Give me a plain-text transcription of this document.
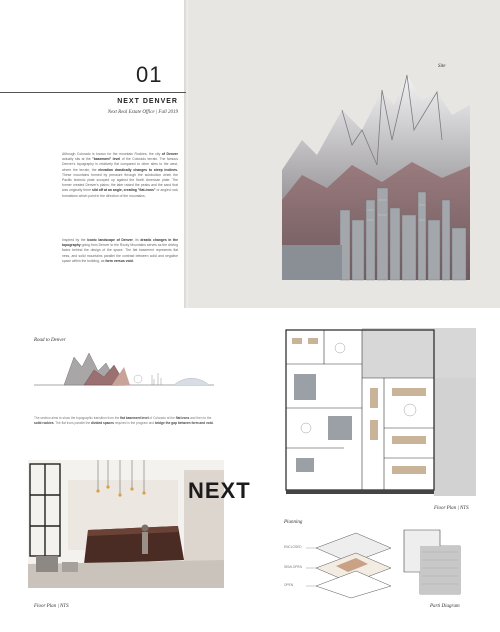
01
NEXT DENVER
Next Real Estate Office | Fall 2019
Although Colorado is known for the mountain Rockies, the city of Denver actually sits at the "basement" level of the Colorado terrain. The famous Denver's topography is relatively flat compared to other sites to the west, where the terrain, the elevation drastically changes to steep inclines. These mountains formed by pressure through the subduction when the Pacific tectonic plate scooped up against the North American plate. The former created Denver's plains; the later raised the peaks and the sand that was originally there slid off at an angle, creating "flat-irons" or angled rock formations which point in the direction of the mountains.
Inspired by the iconic landscape of Denver, its drastic changes in the topography going from Denver to the Rocky Mountains serves as the driving factor behind the design of the space. The flat basement represents flat ness, and solid mountains parallel the contrast between solid and negative space within the building, as form versus void.
Site
Road to Denver
The section aims to show the topographic transition from the flat basement level of Colorado at the flat irons and then to the solid rockies. The flat irons parallel the divided spaces required in the program and bridge the gap between form and void.
NEXT
Floor Plan | NTS
Floor Plan | NTS
Planning
ENCLOSED
SEMI-OPEN
OPEN
Parti Diagram
